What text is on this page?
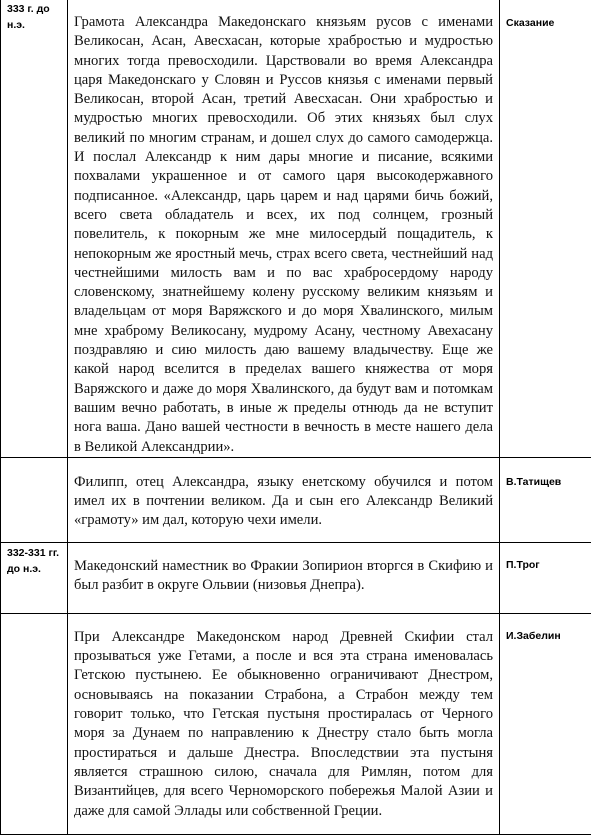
333 г. до н.э.	Грамота Александра Македонскаго князьям русов с именами Великосан, Асан, Авесхасан, которые храбростью и мудростью многих тогда превосходили. Царствовали во время Александра царя Македонскаго у Словян и Руссов князья с именами первый Великосан, второй Асан, третий Авесхасан. Они храбростью и мудростью многих превосходили. Об этих князьях был слух великий по многим странам, и дошел слух до самого самодержца. И послал Александр к ним дары многие и писание, всякими похвалами украшенное и от самого царя высокодержавного подписанное. «Александр, царь царем и над царями бичь божий, всего света обладатель и всех, их под солнцем, грозный повелитель, к покорным же мне милосердый пощадитель, к непокорным же яростный мечь, страх всего света, честнейший над честнейшими милость вам и по вас храбросердому народу словенскому, знатнейшему колену русскому великим князьям и владельцам от моря Варяжского и до моря Хвалинского, милым мне храброму Великосану, мудрому Асану, честному Авехасану поздравляю и сию милость даю вашему владычеству. Еще же какой народ вселится в пределах вашего княжества от моря Варяжского и даже до моря Хвалинского, да будут вам и потомкам вашим вечно работать, в иные ж пределы отнюдь да не вступит нога ваша. Дано вашей честности в вечность в месте нашего дела в Великой Александрии».	Сказание

	Филипп, отец Александра, языку енетскому обучился и потом имел их в почтении великом. Да и сын его Александр Великий «грамоту» им дал, которую чехи имели.	В.Татищев

332-331 гг. до н.э.	Македонский наместник во Фракии Зопирион вторгся в Скифию и был разбит в округе Ольвии (низовья Днепра).	П.Трог

	При Александре Македонском народ Древней Скифии стал прозываться уже Гетами, а после и вся эта страна именовалась Гетскою пустынею. Ее обыкновенно ограничивают Днестром, основываясь на показании Страбона, а Страбон между тем говорит только, что Гетская пустыня простиралась от Черного моря за Дунаем по направлению к Днестру стало быть могла простираться и дальше Днестра. Впоследствии эта пустыня является страшною силою, сначала для Римлян, потом для Византийцев, для всего Черноморского побережья Малой Азии и даже для самой Эллады или собственной Греции.	И.Забелин
